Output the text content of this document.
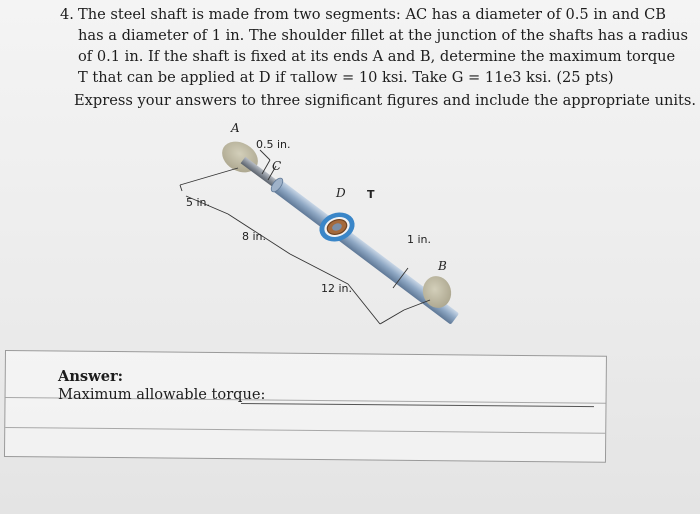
4. The steel shaft is made from two segments: AC has a diameter of 0.5 in and CB
has a diameter of 1 in. The shoulder fillet at the junction of the shafts has a radius
of 0.1 in. If the shaft is fixed at its ends A and B, determine the maximum torque
T that can be applied at D if τallow = 10 ksi. Take G = 11e3 ksi. (25 pts)
Express your answers to three significant figures and include the appropriate units.
A
0.5 in.
C
5 in.
D T
8 in.	1 in.
B
12 in.
Answer:
Maximum allowable torque:
